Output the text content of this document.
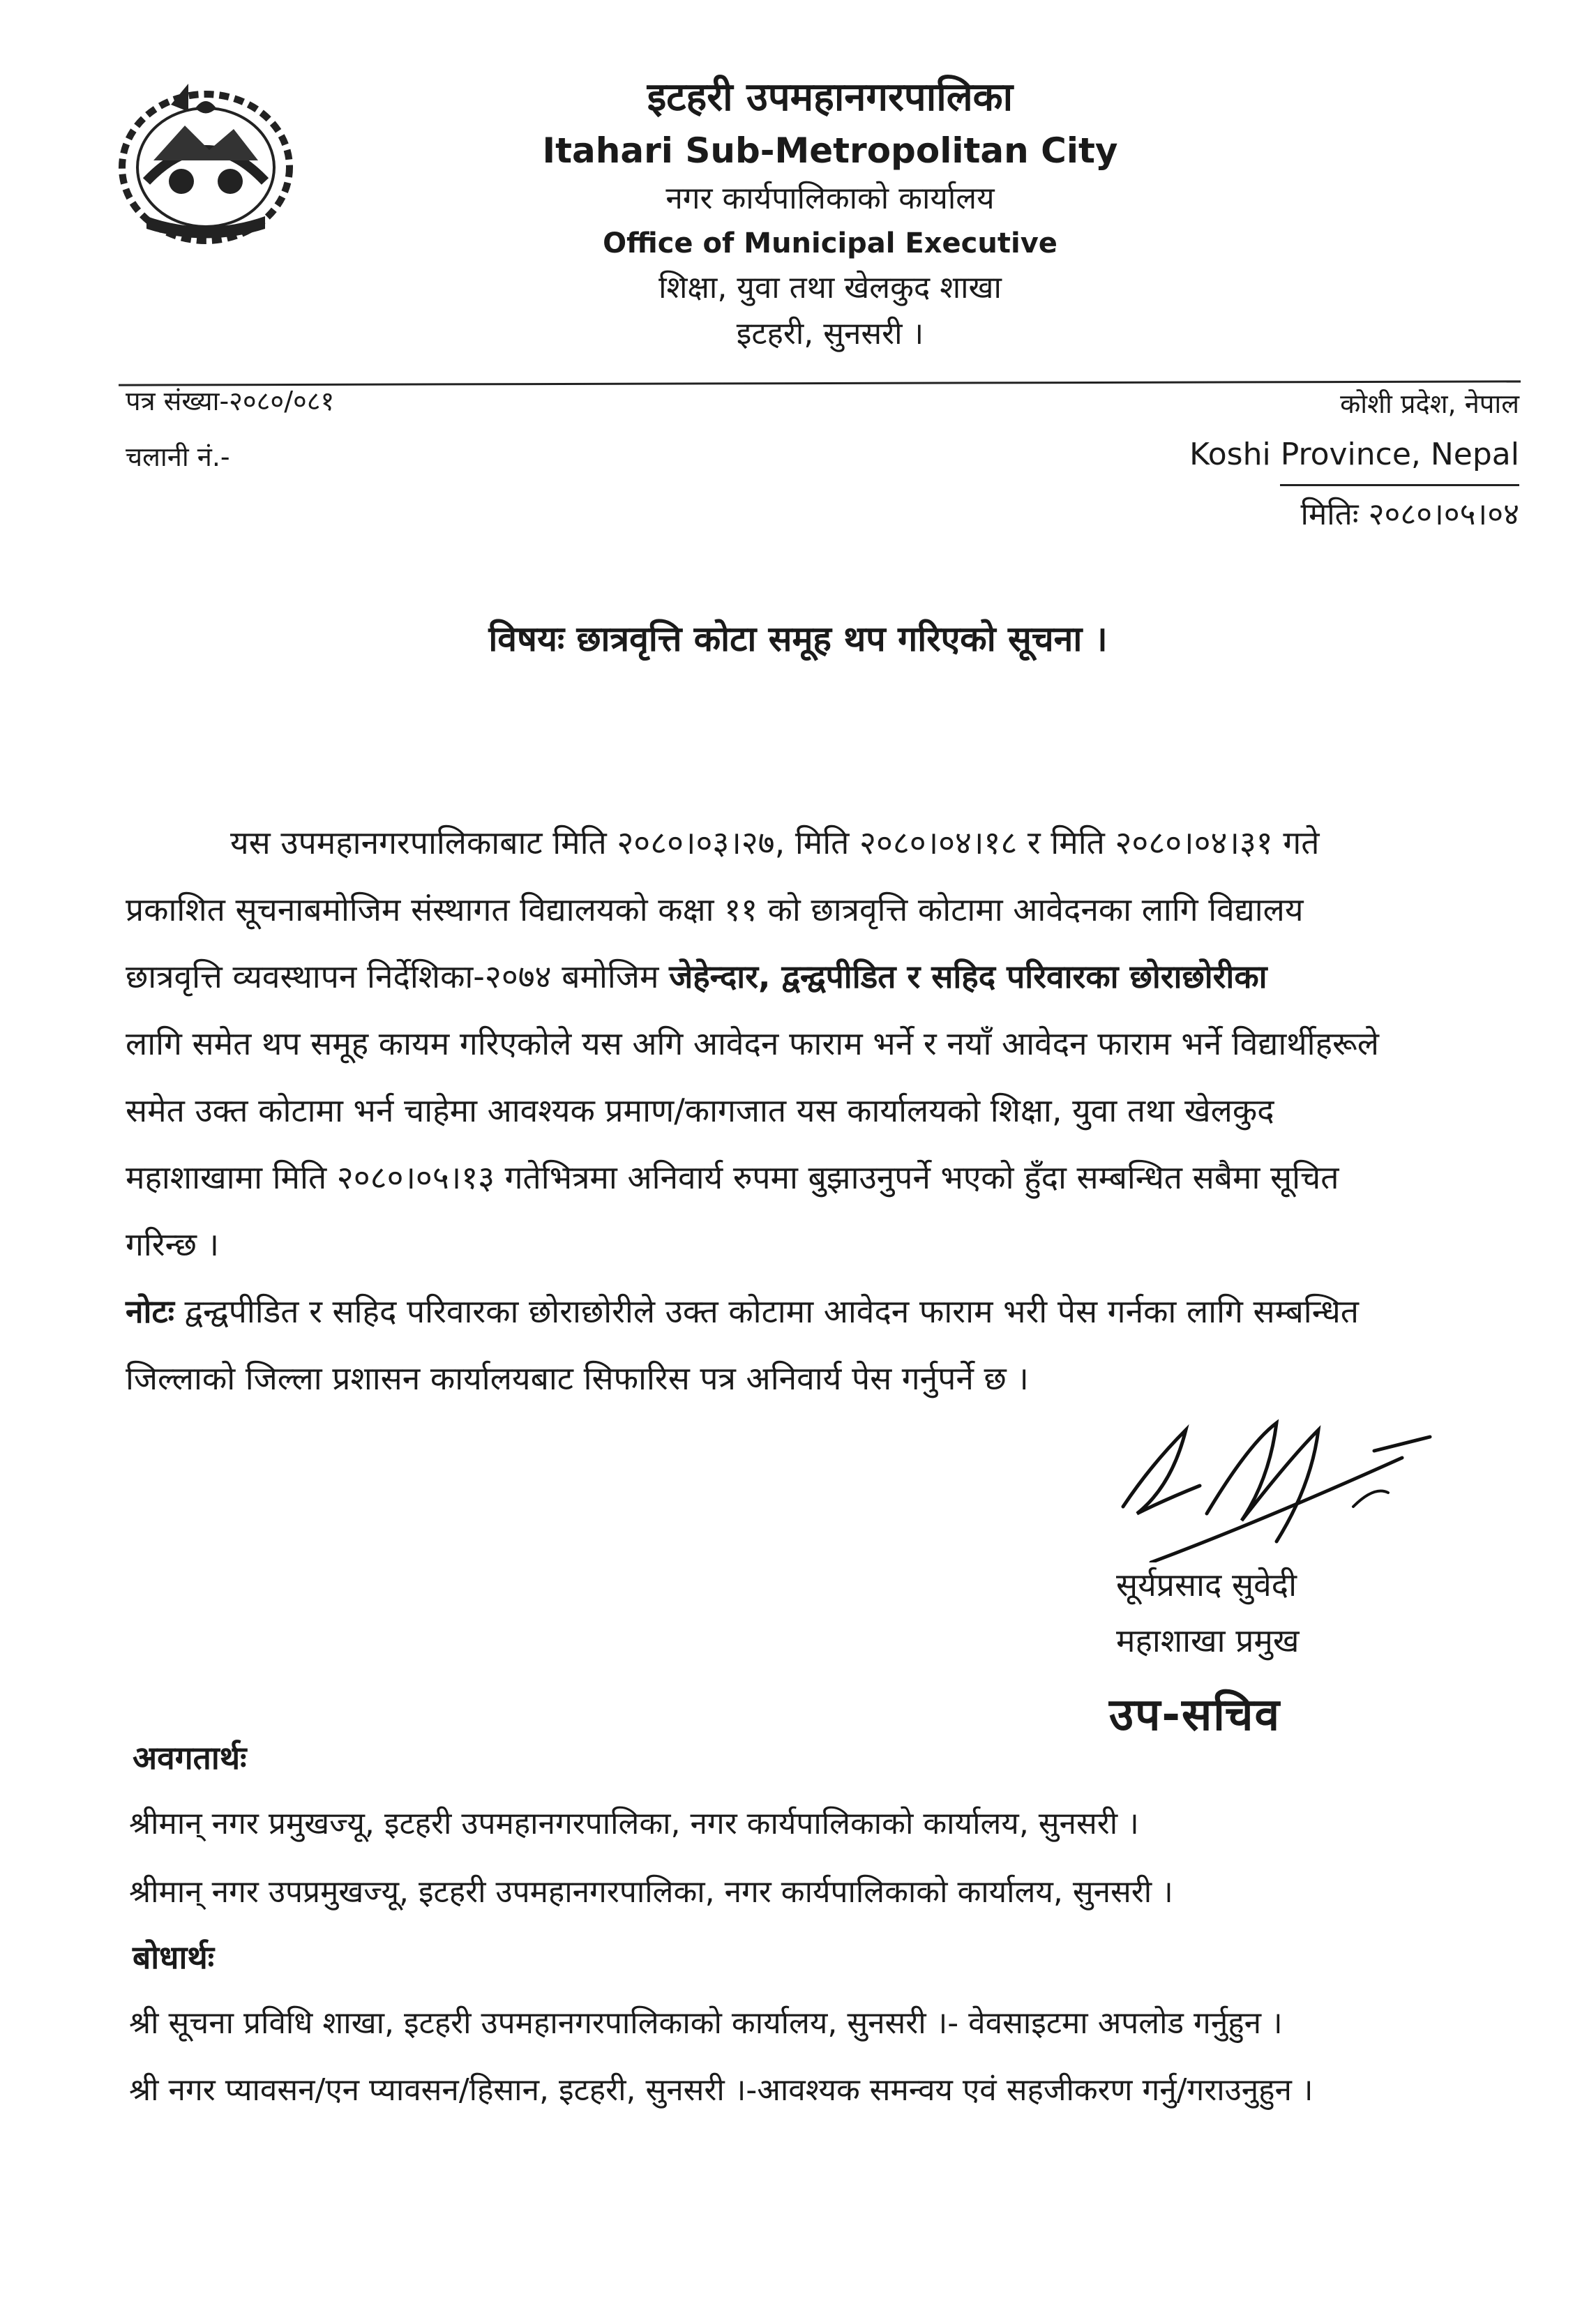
इटहरी उपमहानगरपालिका
Itahari Sub-Metropolitan City
नगर कार्यपालिकाको कार्यालय
Office of Municipal Executive
शिक्षा, युवा तथा खेलकुद शाखा
इटहरी, सुनसरी ।
पत्र संख्या-२०८०/०८१
चलानी नं.-
कोशी प्रदेश, नेपाल
Koshi Province, Nepal
मितिः २०८०।०५।०४
विषयः छात्रवृत्ति कोटा समूह थप गरिएको सूचना ।
यस उपमहानगरपालिकाबाट मिति २०८०।०३।२७, मिति २०८०।०४।१८ र मिति २०८०।०४।३१ गते
प्रकाशित सूचनाबमोजिम संस्थागत विद्यालयको कक्षा ११ को छात्रवृत्ति कोटामा आवेदनका लागि विद्यालय
छात्रवृत्ति व्यवस्थापन निर्देशिका-२०७४ बमोजिम जेहेन्दार, द्वन्द्वपीडित र सहिद परिवारका छोराछोरीका
लागि समेत थप समूह कायम गरिएकोले यस अगि आवेदन फाराम भर्ने र नयाँ आवेदन फाराम भर्ने विद्यार्थीहरूले
समेत उक्त कोटामा भर्न चाहेमा आवश्यक प्रमाण/कागजात यस कार्यालयको शिक्षा, युवा तथा खेलकुद
महाशाखामा मिति २०८०।०५।१३ गतेभित्रमा अनिवार्य रुपमा बुझाउनुपर्ने भएको हुँदा सम्बन्धित सबैमा सूचित
गरिन्छ ।
नोटः द्वन्द्वपीडित र सहिद परिवारका छोराछोरीले उक्त कोटामा आवेदन फाराम भरी पेस गर्नका लागि सम्बन्धित
जिल्लाको जिल्ला प्रशासन कार्यालयबाट सिफारिस पत्र अनिवार्य पेस गर्नुपर्ने छ ।
सूर्यप्रसाद सुवेदी
महाशाखा प्रमुख
उप-सचिव
अवगतार्थः
श्रीमान् नगर प्रमुखज्यू, इटहरी उपमहानगरपालिका, नगर कार्यपालिकाको कार्यालय, सुनसरी ।
श्रीमान् नगर उपप्रमुखज्यू, इटहरी उपमहानगरपालिका, नगर कार्यपालिकाको कार्यालय, सुनसरी ।
बोधार्थः
श्री सूचना प्रविधि शाखा, इटहरी उपमहानगरपालिकाको कार्यालय, सुनसरी ।- वेवसाइटमा अपलोड गर्नुहुन ।
श्री नगर प्यावसन/एन प्यावसन/हिसान, इटहरी, सुनसरी ।-आवश्यक समन्वय एवं सहजीकरण गर्नु/गराउनुहुन ।
